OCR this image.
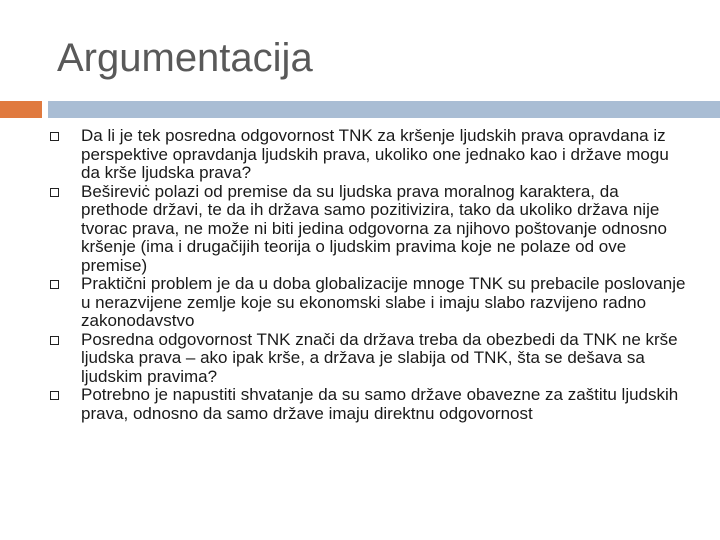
Argumentacija
Da li je tek posredna odgovornost TNK za kršenje ljudskih prava opravdana iz perspektive opravdanja ljudskih prava, ukoliko one jednako kao i države mogu da krše ljudska prava?
Bešireviċ polazi od premise da su ljudska prava moralnog karaktera, da prethode državi, te da ih država samo pozitivizira, tako da ukoliko država nije tvorac prava, ne može ni biti jedina odgovorna za njihovo poštovanje odnosno kršenje (ima i drugačijih teorija o ljudskim pravima koje ne polaze od ove premise)
Praktični problem je da u doba globalizacije mnoge TNK su prebacile poslovanje u nerazvijene zemlje koje su ekonomski slabe i imaju slabo razvijeno radno zakonodavstvo
Posredna odgovornost TNK znači da država treba da obezbedi da TNK ne krše ljudska prava – ako ipak krše, a država je slabija od TNK, šta se dešava sa ljudskim pravima?
Potrebno je napustiti shvatanje da su samo države obavezne za zaštitu ljudskih prava, odnosno da samo države imaju direktnu odgovornost
